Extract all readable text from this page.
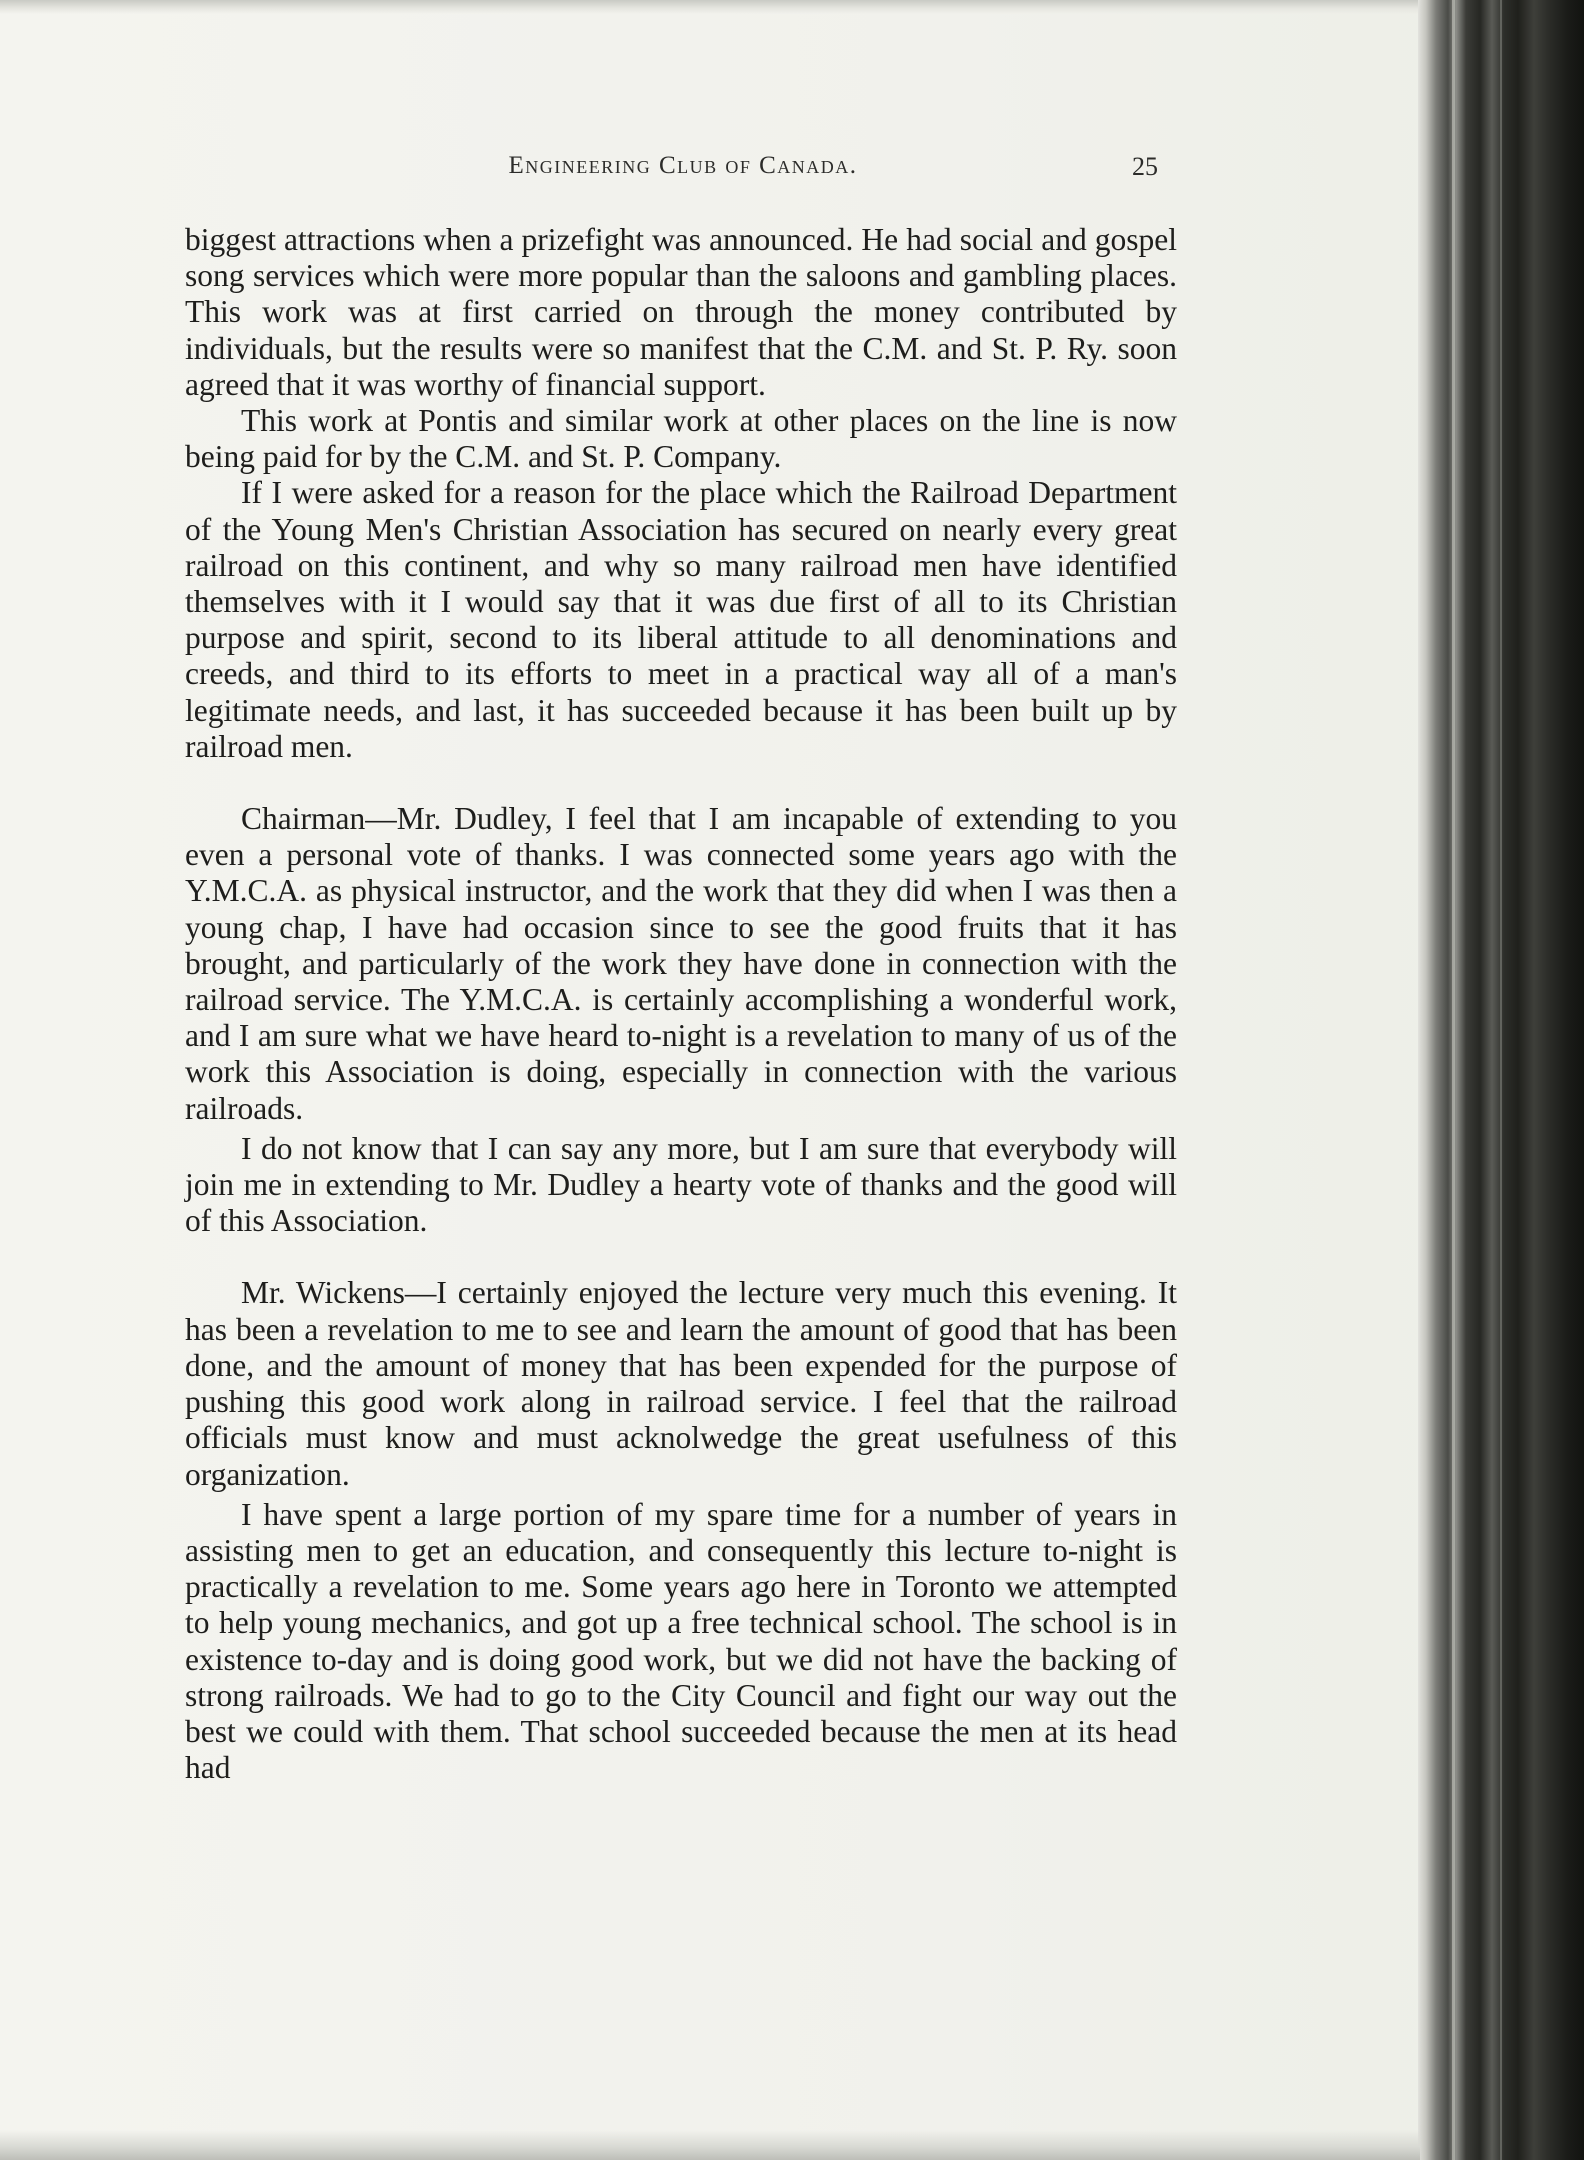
Engineering Club of Canada.	25

biggest attractions when a prizefight was announced. He had social and gospel song services which were more popular than the saloons and gambling places. This work was at first carried on through the money contributed by individuals, but the results were so manifest that the C.M. and St. P. Ry. soon agreed that it was worthy of financial support.

This work at Pontis and similar work at other places on the line is now being paid for by the C.M. and St. P. Company.

If I were asked for a reason for the place which the Railroad Department of the Young Men's Christian Association has secured on nearly every great railroad on this continent, and why so many railroad men have identified themselves with it I would say that it was due first of all to its Christian purpose and spirit, second to its liberal attitude to all denominations and creeds, and third to its efforts to meet in a practical way all of a man's legitimate needs, and last, it has succeeded because it has been built up by railroad men.

Chairman—Mr. Dudley, I feel that I am incapable of extending to you even a personal vote of thanks. I was connected some years ago with the Y.M.C.A. as physical instructor, and the work that they did when I was then a young chap, I have had occasion since to see the good fruits that it has brought, and particularly of the work they have done in connection with the railroad service. The Y.M.C.A. is certainly accomplishing a wonderful work, and I am sure what we have heard to-night is a revelation to many of us of the work this Association is doing, especially in connection with the various railroads.

I do not know that I can say any more, but I am sure that everybody will join me in extending to Mr. Dudley a hearty vote of thanks and the good will of this Association.

Mr. Wickens—I certainly enjoyed the lecture very much this evening. It has been a revelation to me to see and learn the amount of good that has been done, and the amount of money that has been expended for the purpose of pushing this good work along in railroad service. I feel that the railroad officials must know and must acknolwedge the great usefulness of this organization.

I have spent a large portion of my spare time for a number of years in assisting men to get an education, and consequently this lecture to-night is practically a revelation to me. Some years ago here in Toronto we attempted to help young mechanics, and got up a free technical school. The school is in existence to-day and is doing good work, but we did not have the backing of strong railroads. We had to go to the City Council and fight our way out the best we could with them. That school succeeded because the men at its head had
